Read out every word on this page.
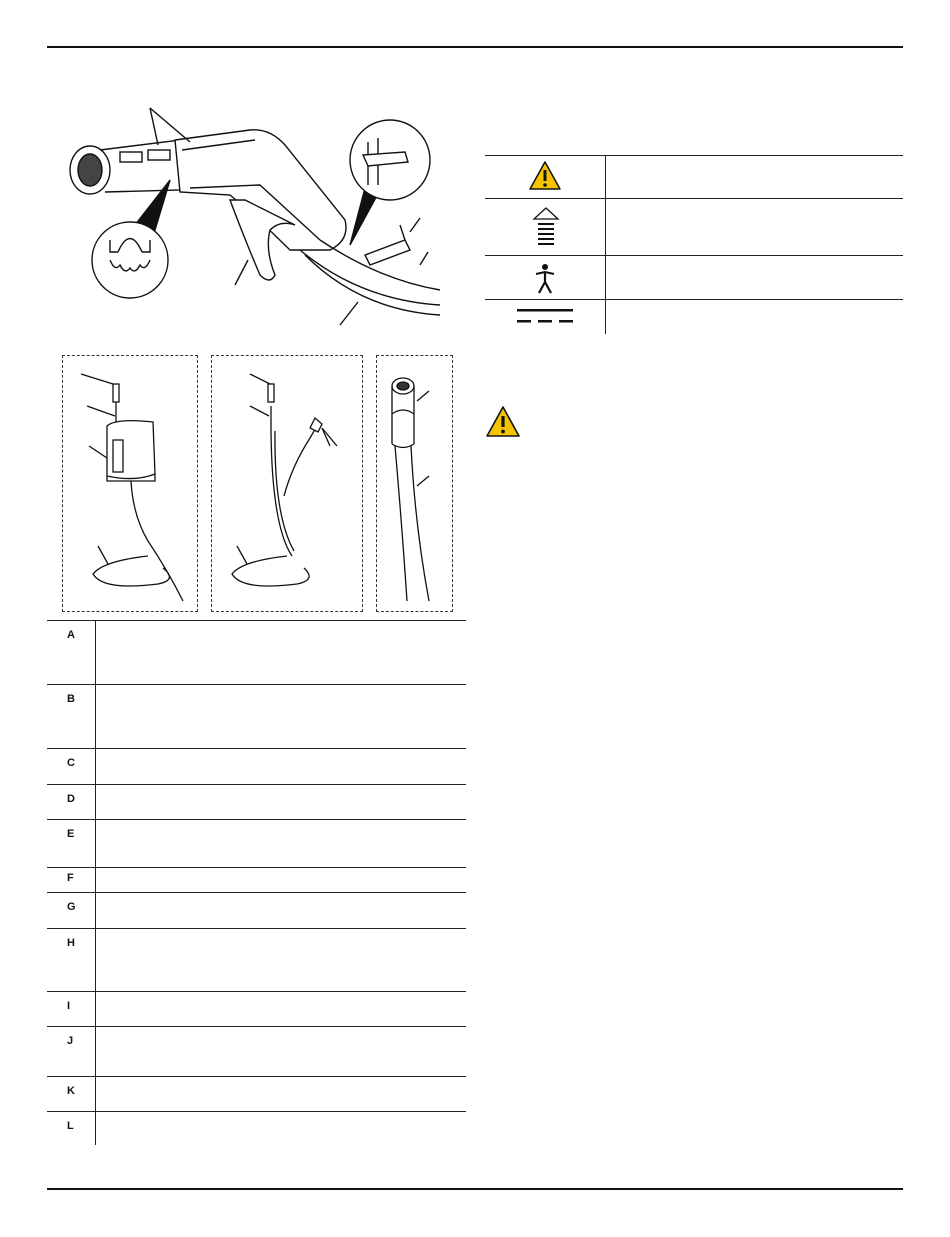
A
B
C
D
E
F
G
H
I
J
K
L
